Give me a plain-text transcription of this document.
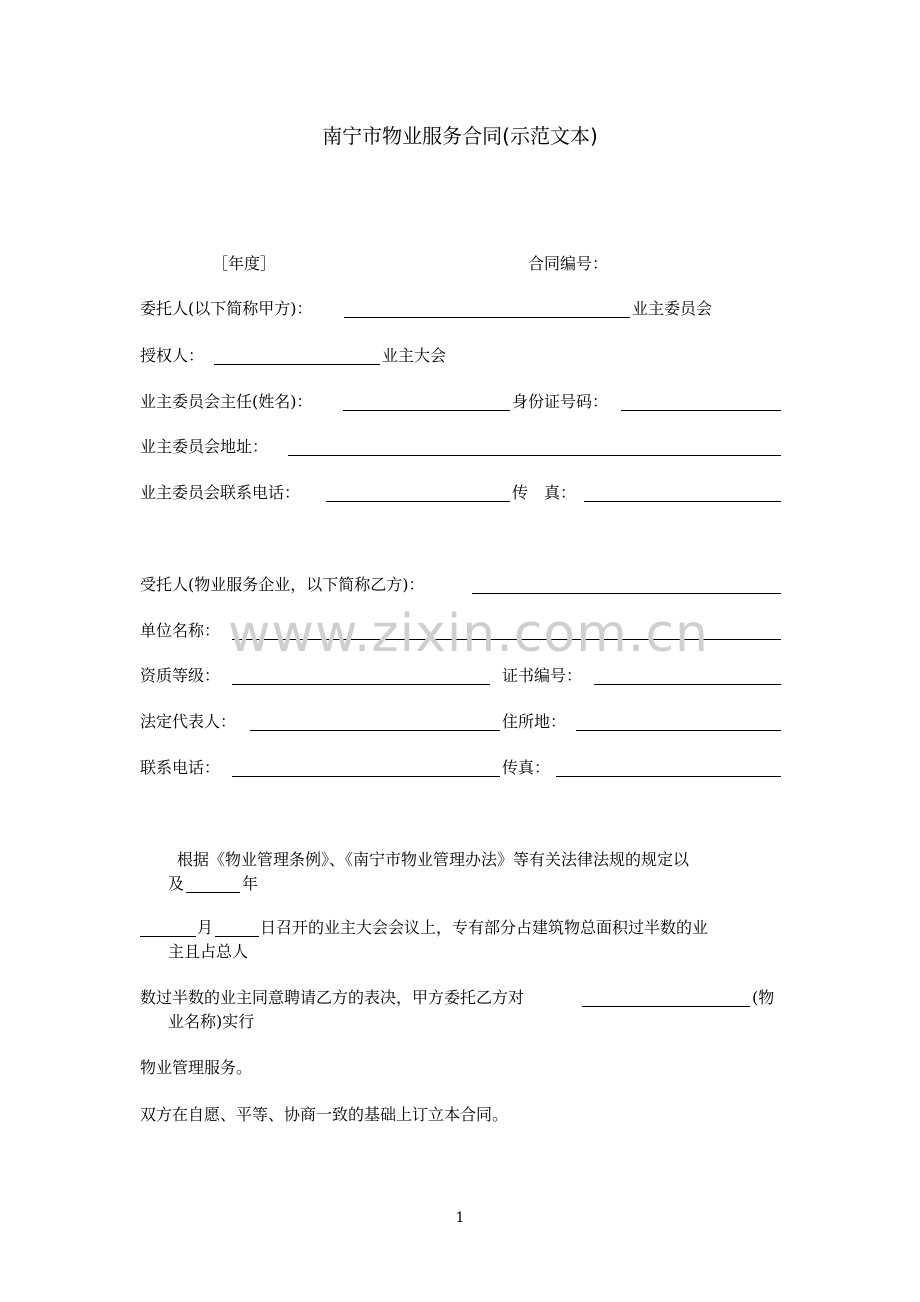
南宁市物业服务合同(示范文本)
［年度］	合同编号：
委托人(以下简称甲方)：	业主委员会
授权人：	业主大会
业主委员会主任(姓名)：	身份证号码：
业主委员会地址：
业主委员会联系电话：	传　真：
受托人(物业服务企业，以下简称乙方)：
单位名称：
资质等级：	证书编号：
法定代表人：	住所地：
联系电话：	传真：
www.zixin.com.cn
根据《物业管理条例》、《南宁市物业管理办法》等有关法律法规的规定以
及	年
月	日召开的业主大会会议上，专有部分占建筑物总面积过半数的业
主且占总人
数过半数的业主同意聘请乙方的表决，甲方委托乙方对	(物
业名称)实行
物业管理服务。
双方在自愿、平等、协商一致的基础上订立本合同。
1
